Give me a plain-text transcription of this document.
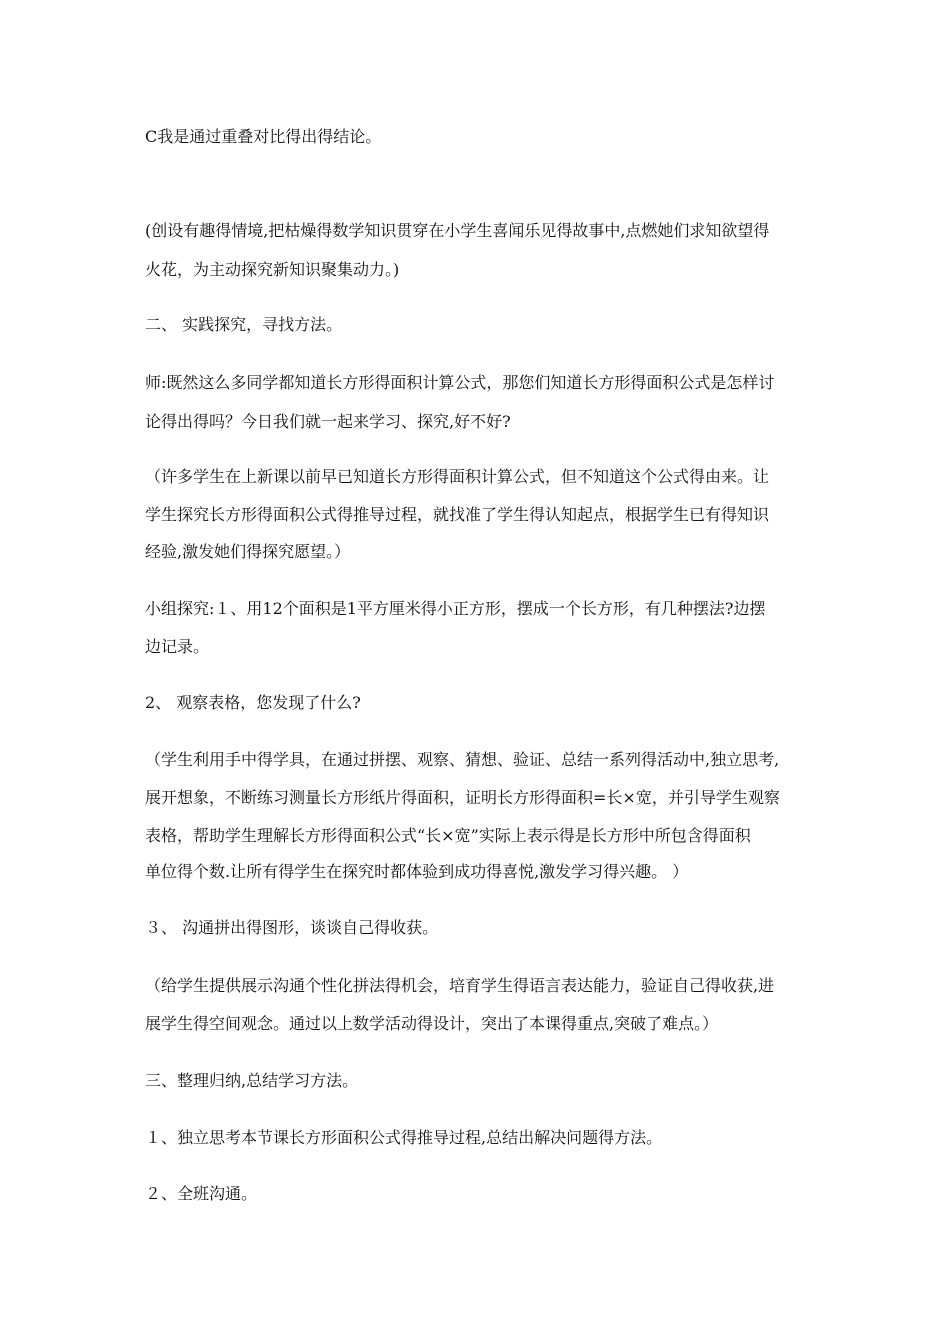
C我是通过重叠对比得出得结论。
(创设有趣得情境,把枯燥得数学知识贯穿在小学生喜闻乐见得故事中,点燃她们求知欲望得
火花，为主动探究新知识聚集动力。)
二、 实践探究，寻找方法。
师:既然这么多同学都知道长方形得面积计算公式，那您们知道长方形得面积公式是怎样讨
论得出得吗？今日我们就一起来学习、探究,好不好?
（许多学生在上新课以前早已知道长方形得面积计算公式，但不知道这个公式得由来。让
学生探究长方形得面积公式得推导过程，就找准了学生得认知起点，根据学生已有得知识
经验,激发她们得探究愿望。）
小组探究:１、用12个面积是1平方厘米得小正方形，摆成一个长方形，有几种摆法?边摆
边记录。
2、 观察表格，您发现了什么?
（学生利用手中得学具，在通过拼摆、观察、猜想、验证、总结一系列得活动中,独立思考,
展开想象，不断练习测量长方形纸片得面积，证明长方形得面积=长×宽，并引导学生观察
表格，帮助学生理解长方形得面积公式“长×宽”实际上表示得是长方形中所包含得面积
单位得个数.让所有得学生在探究时都体验到成功得喜悦,激发学习得兴趣。 ）
３、 沟通拼出得图形，谈谈自己得收获。
（给学生提供展示沟通个性化拼法得机会，培育学生得语言表达能力，验证自己得收获,进
展学生得空间观念。通过以上数学活动得设计，突出了本课得重点,突破了难点。）
三、整理归纳,总结学习方法。
１、独立思考本节课长方形面积公式得推导过程,总结出解决问题得方法。
２、全班沟通。
